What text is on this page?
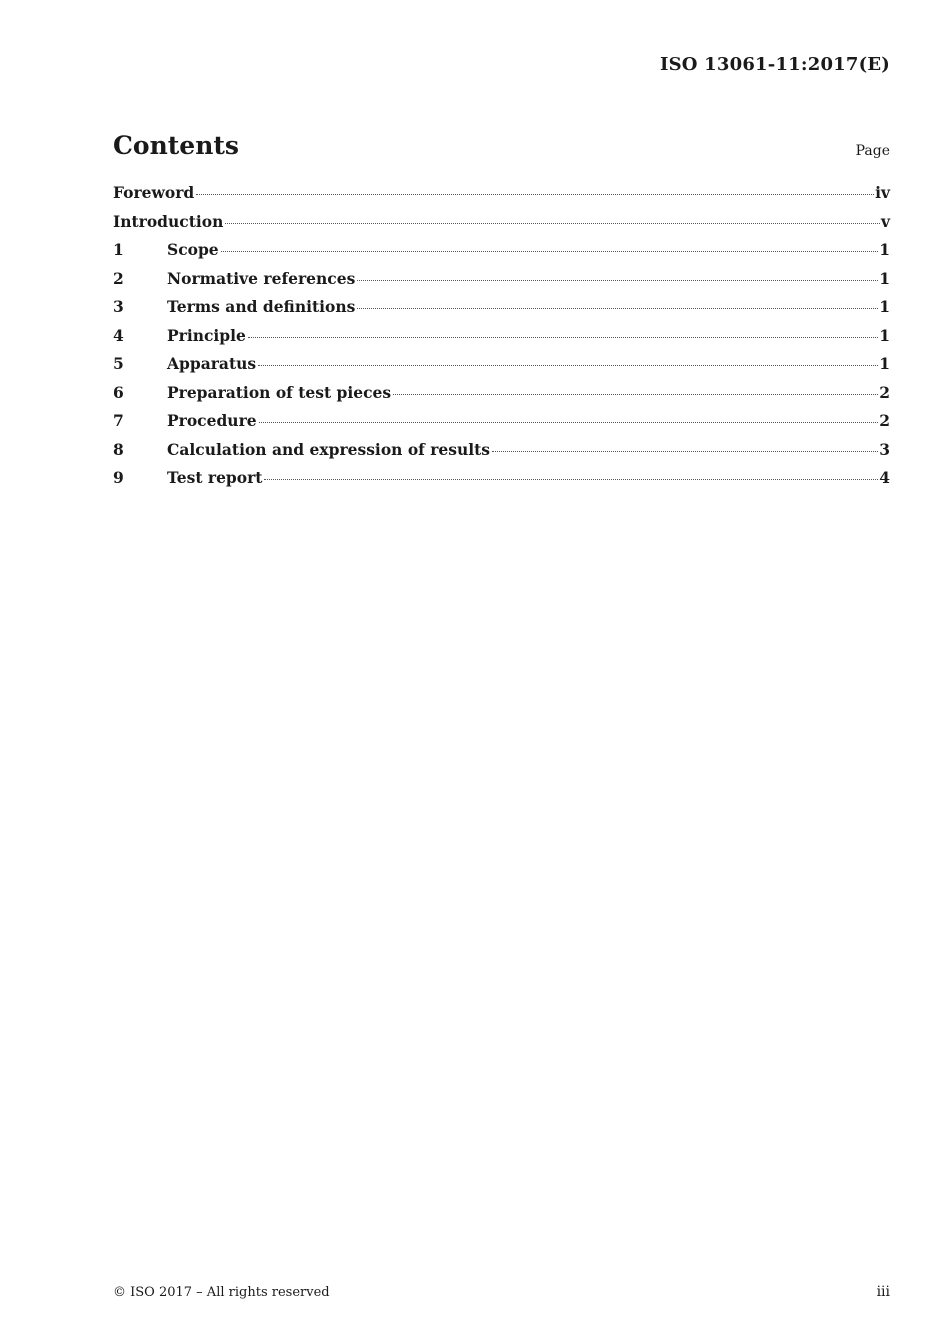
ISO 13061-11:2017(E)
Contents	Page
Foreword	iv
Introduction	v
1	Scope	1
2	Normative references	1
3	Terms and definitions	1
4	Principle	1
5	Apparatus	1
6	Preparation of test pieces	2
7	Procedure	2
8	Calculation and expression of results	3
9	Test report	4
© ISO 2017 – All rights reserved	iii
